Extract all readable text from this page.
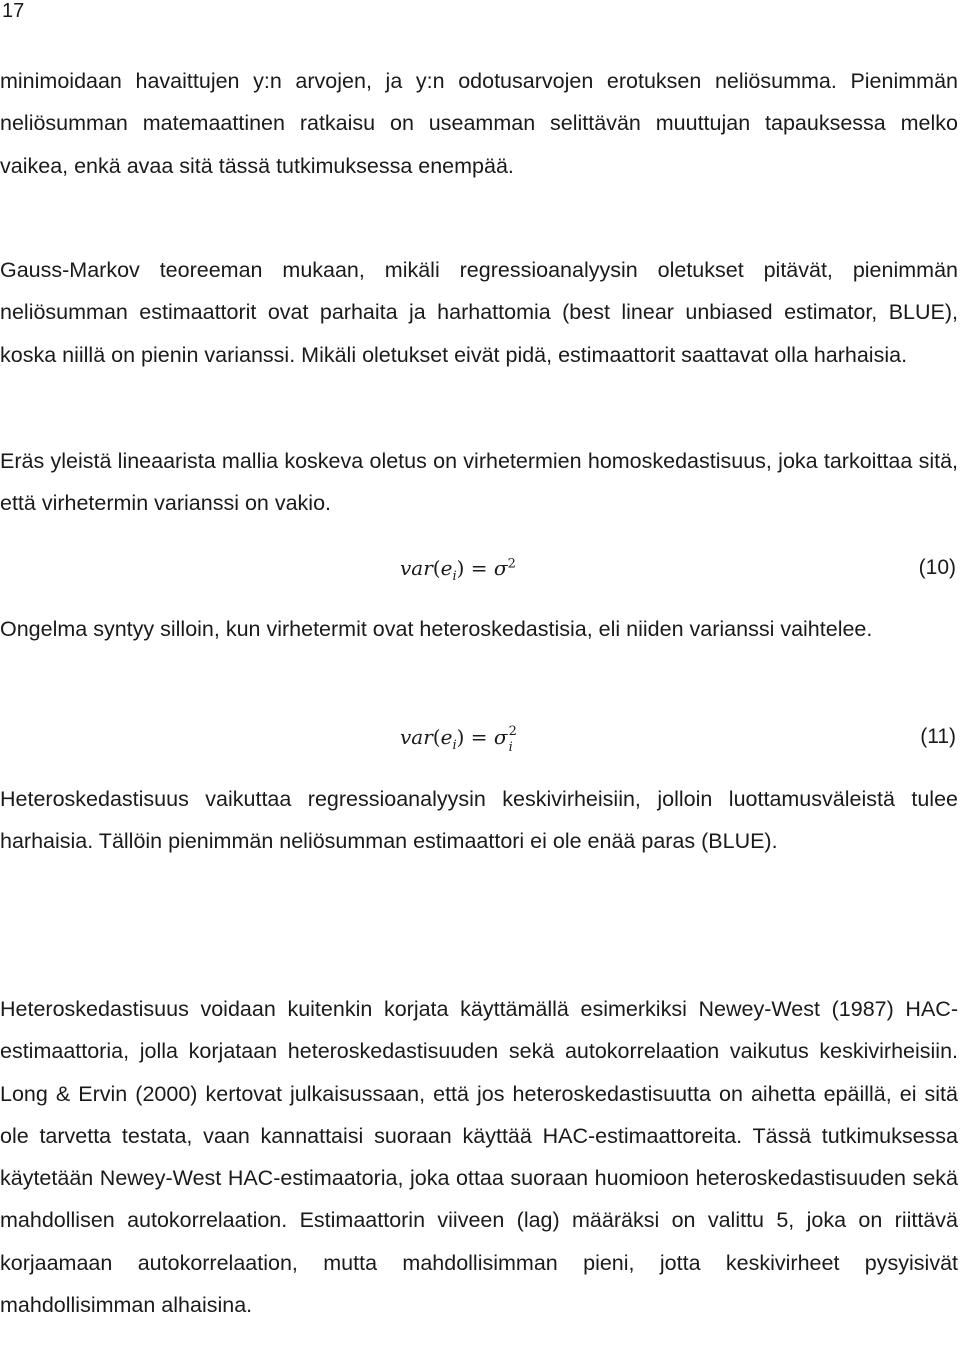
17

minimoidaan havaittujen y:n arvojen, ja y:n odotusarvojen erotuksen neliösumma. Pienimmän neliösumman matemaattinen ratkaisu on useamman selittävän muuttujan tapauksessa melko vaikea, enkä avaa sitä tässä tutkimuksessa enempää.

Gauss-Markov teoreeman mukaan, mikäli regressioanalyysin oletukset pitävät, pienimmän neliösumman estimaattorit ovat parhaita ja harhattomia (best linear unbiased estimator, BLUE), koska niillä on pienin varianssi. Mikäli oletukset eivät pidä, estimaattorit saattavat olla harhaisia.

Eräs yleistä lineaarista mallia koskeva oletus on virhetermien homoskedastisuus, joka tarkoittaa sitä, että virhetermin varianssi on vakio.

$var(e_i) = \sigma^2$	(10)

Ongelma syntyy silloin, kun virhetermit ovat heteroskedastisia, eli niiden varianssi vaihtelee.

$var(e_i) = \sigma$ 2
i	(11)

Heteroskedastisuus vaikuttaa regressioanalyysin keskivirheisiin, jolloin luottamusväleistä tulee harhaisia. Tällöin pienimmän neliösumman estimaattori ei ole enää paras (BLUE).

Heteroskedastisuus voidaan kuitenkin korjata käyttämällä esimerkiksi Newey-West (1987) HAC-estimaattoria, jolla korjataan heteroskedastisuuden sekä autokorrelaation vaikutus keskivirheisiin. Long & Ervin (2000) kertovat julkaisussaan, että jos heteroskedastisuutta on aihetta epäillä, ei sitä ole tarvetta testata, vaan kannattaisi suoraan käyttää HAC-estimaattoreita. Tässä tutkimuksessa käytetään Newey-West HAC-estimaatoria, joka ottaa suoraan huomioon heteroskedastisuuden sekä mahdollisen autokorrelaation. Estimaattorin viiveen (lag) määräksi on valittu 5, joka on riittävä korjaamaan autokorrelaation, mutta mahdollisimman pieni, jotta keskivirheet pysyisivät mahdollisimman alhaisina.
